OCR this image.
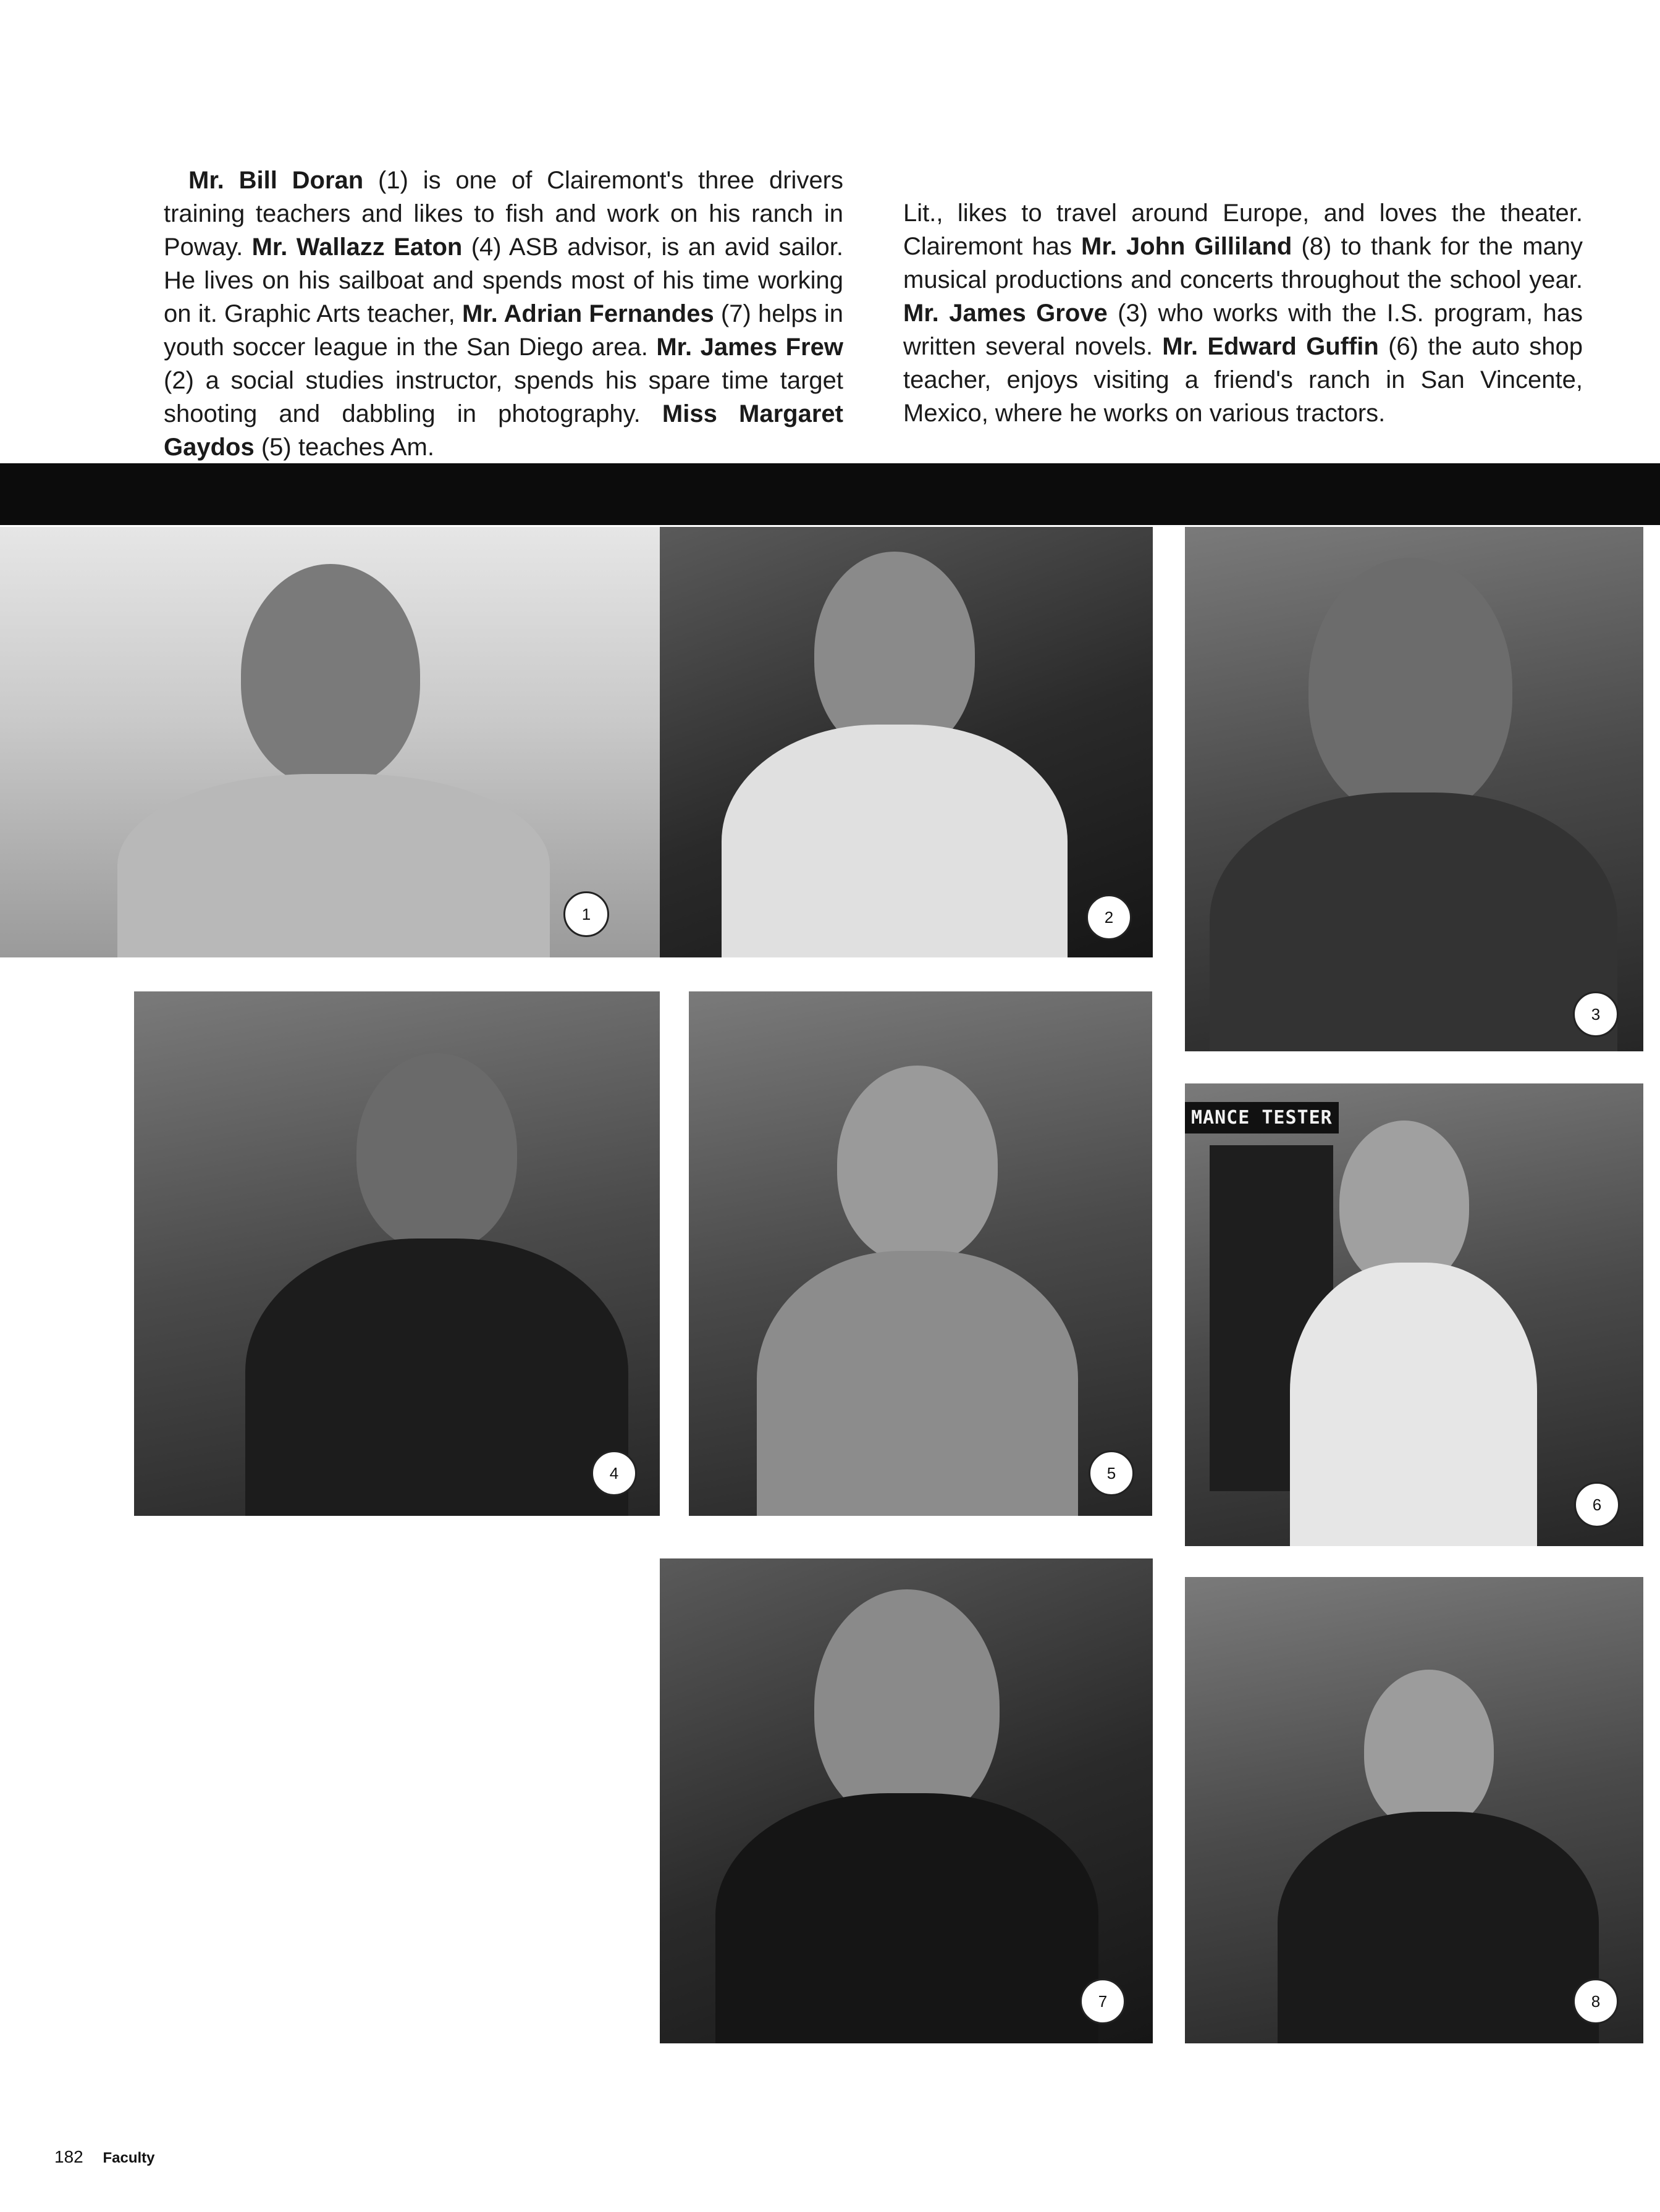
Mr. Bill Doran (1) is one of Clairemont's three drivers training teachers and likes to fish and work on his ranch in Poway. Mr. Wallazz Eaton (4) ASB advisor, is an avid sailor. He lives on his sailboat and spends most of his time working on it. Graphic Arts teacher, Mr. Adrian Fernandes (7) helps in youth soccer league in the San Diego area. Mr. James Frew (2) a social studies instructor, spends his spare time target shooting and dabbling in photography. Miss Margaret Gaydos (5) teaches Am.
Lit., likes to travel around Europe, and loves the theater. Clairemont has Mr. John Gilliland (8) to thank for the many musical productions and concerts throughout the school year. Mr. James Grove (3) who works with the I.S. program, has written several novels. Mr. Edward Guffin (6) the auto shop teacher, enjoys visiting a friend's ranch in San Vincente, Mexico, where he works on various tractors.
1	2
3
4	5
MANCE TESTER
6
7	8
182 Faculty
